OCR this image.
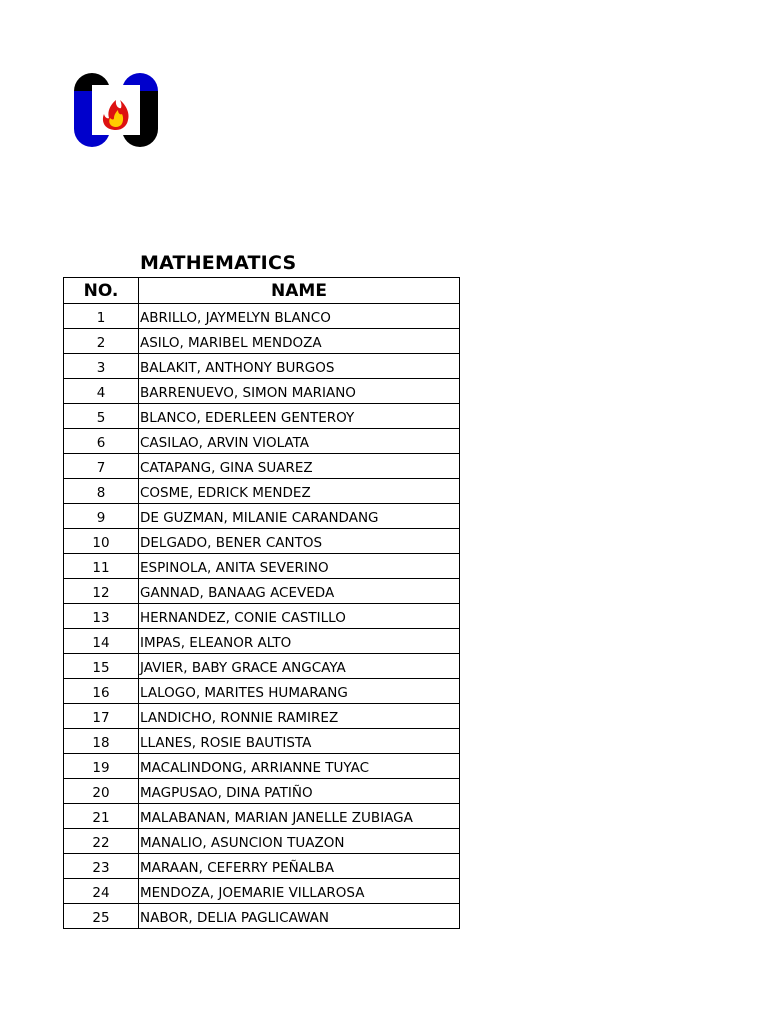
MATHEMATICS
NO.	NAME
1	ABRILLO, JAYMELYN BLANCO
2	ASILO, MARIBEL MENDOZA
3	BALAKIT, ANTHONY BURGOS
4	BARRENUEVO, SIMON MARIANO
5	BLANCO, EDERLEEN GENTEROY
6	CASILAO, ARVIN VIOLATA
7	CATAPANG, GINA SUAREZ
8	COSME, EDRICK MENDEZ
9	DE GUZMAN, MILANIE CARANDANG
10	DELGADO, BENER CANTOS
11	ESPINOLA, ANITA SEVERINO
12	GANNAD, BANAAG ACEVEDA
13	HERNANDEZ, CONIE CASTILLO
14	IMPAS, ELEANOR ALTO
15	JAVIER, BABY GRACE ANGCAYA
16	LALOGO, MARITES HUMARANG
17	LANDICHO, RONNIE RAMIREZ
18	LLANES, ROSIE BAUTISTA
19	MACALINDONG, ARRIANNE TUYAC
20	MAGPUSAO, DINA PATIÑO
21	MALABANAN, MARIAN JANELLE ZUBIAGA
22	MANALIO, ASUNCION TUAZON
23	MARAAN, CEFERRY PEÑALBA
24	MENDOZA, JOEMARIE VILLAROSA
25	NABOR, DELIA PAGLICAWAN
